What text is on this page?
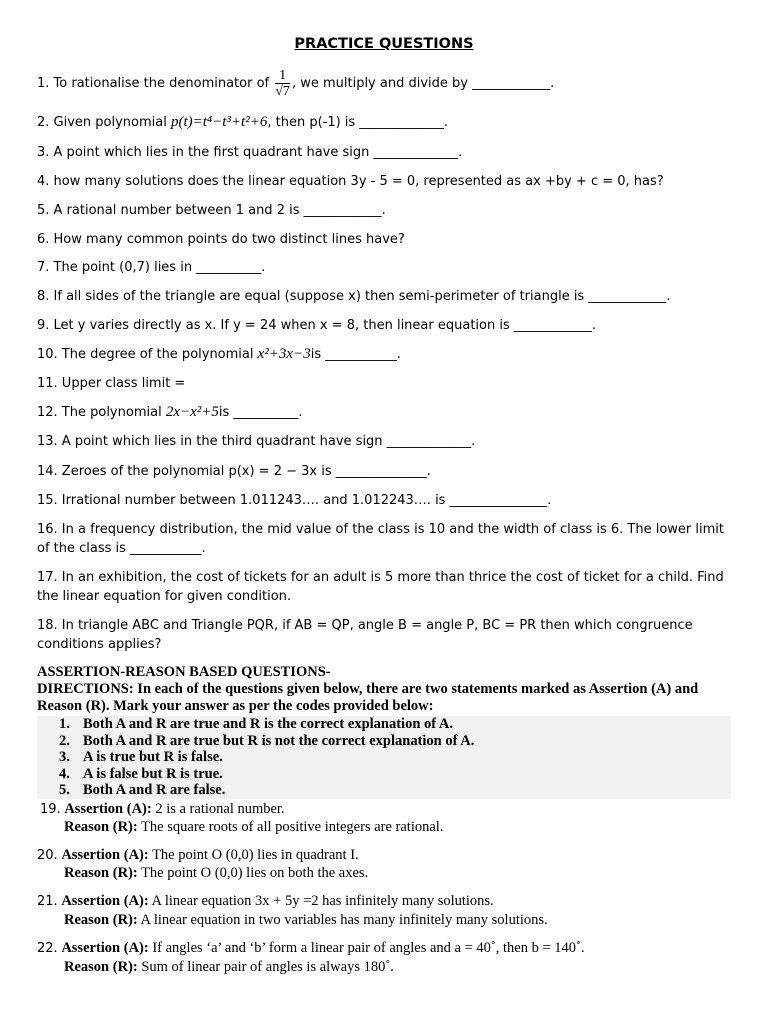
PRACTICE QUESTIONS
1. To rationalise the denominator of $\frac{1}{√7}$ , we multiply and divide by ____________.
2. Given polynomial p(t)=t⁴−t³+t²+6, then p(-1) is _____________.
3. A point which lies in the first quadrant have sign _____________.
4. how many solutions does the linear equation 3y - 5 = 0, represented as ax +by + c = 0, has?
5. A rational number between 1 and 2 is ____________.
6. How many common points do two distinct lines have?
7. The point (0,7) lies in __________.
8. If all sides of the triangle are equal (suppose x) then semi-perimeter of triangle is ____________.
9. Let y varies directly as x. If y = 24 when x = 8, then linear equation is ____________.
10. The degree of the polynomial x²+3x−3is ___________.
11. Upper class limit =
12. The polynomial 2x−x²+5is __________.
13. A point which lies in the third quadrant have sign _____________.
14. Zeroes of the polynomial p(x) = 2 − 3x is ______________.
15. Irrational number between 1.011243…. and 1.012243…. is _______________.
16. In a frequency distribution, the mid value of the class is 10 and the width of class is 6. The lower limit of the class is ___________.
17. In an exhibition, the cost of tickets for an adult is 5 more than thrice the cost of ticket for a child. Find the linear equation for given condition.
18. In triangle ABC and Triangle PQR, if AB = QP, angle B = angle P, BC = PR then which congruence conditions applies?
ASSERTION-REASON BASED QUESTIONS-
DIRECTIONS: In each of the questions given below, there are two statements marked as Assertion (A) and Reason (R). Mark your answer as per the codes provided below:
1. Both A and R are true and R is the correct explanation of A.
2. Both A and R are true but R is not the correct explanation of A.
3. A is true but R is false.
4. A is false but R is true.
5. Both A and R are false.
19. Assertion (A): 2 is a rational number.
Reason (R): The square roots of all positive integers are rational.
20. Assertion (A): The point O (0,0) lies in quadrant I.
Reason (R): The point O (0,0) lies on both the axes.
21. Assertion (A): A linear equation 3x + 5y =2 has infinitely many solutions.
Reason (R): A linear equation in two variables has many infinitely many solutions.
22. Assertion (A): If angles ‘a’ and ‘b’ form a linear pair of angles and a = 40˚, then b = 140˚.
Reason (R): Sum of linear pair of angles is always 180˚.
